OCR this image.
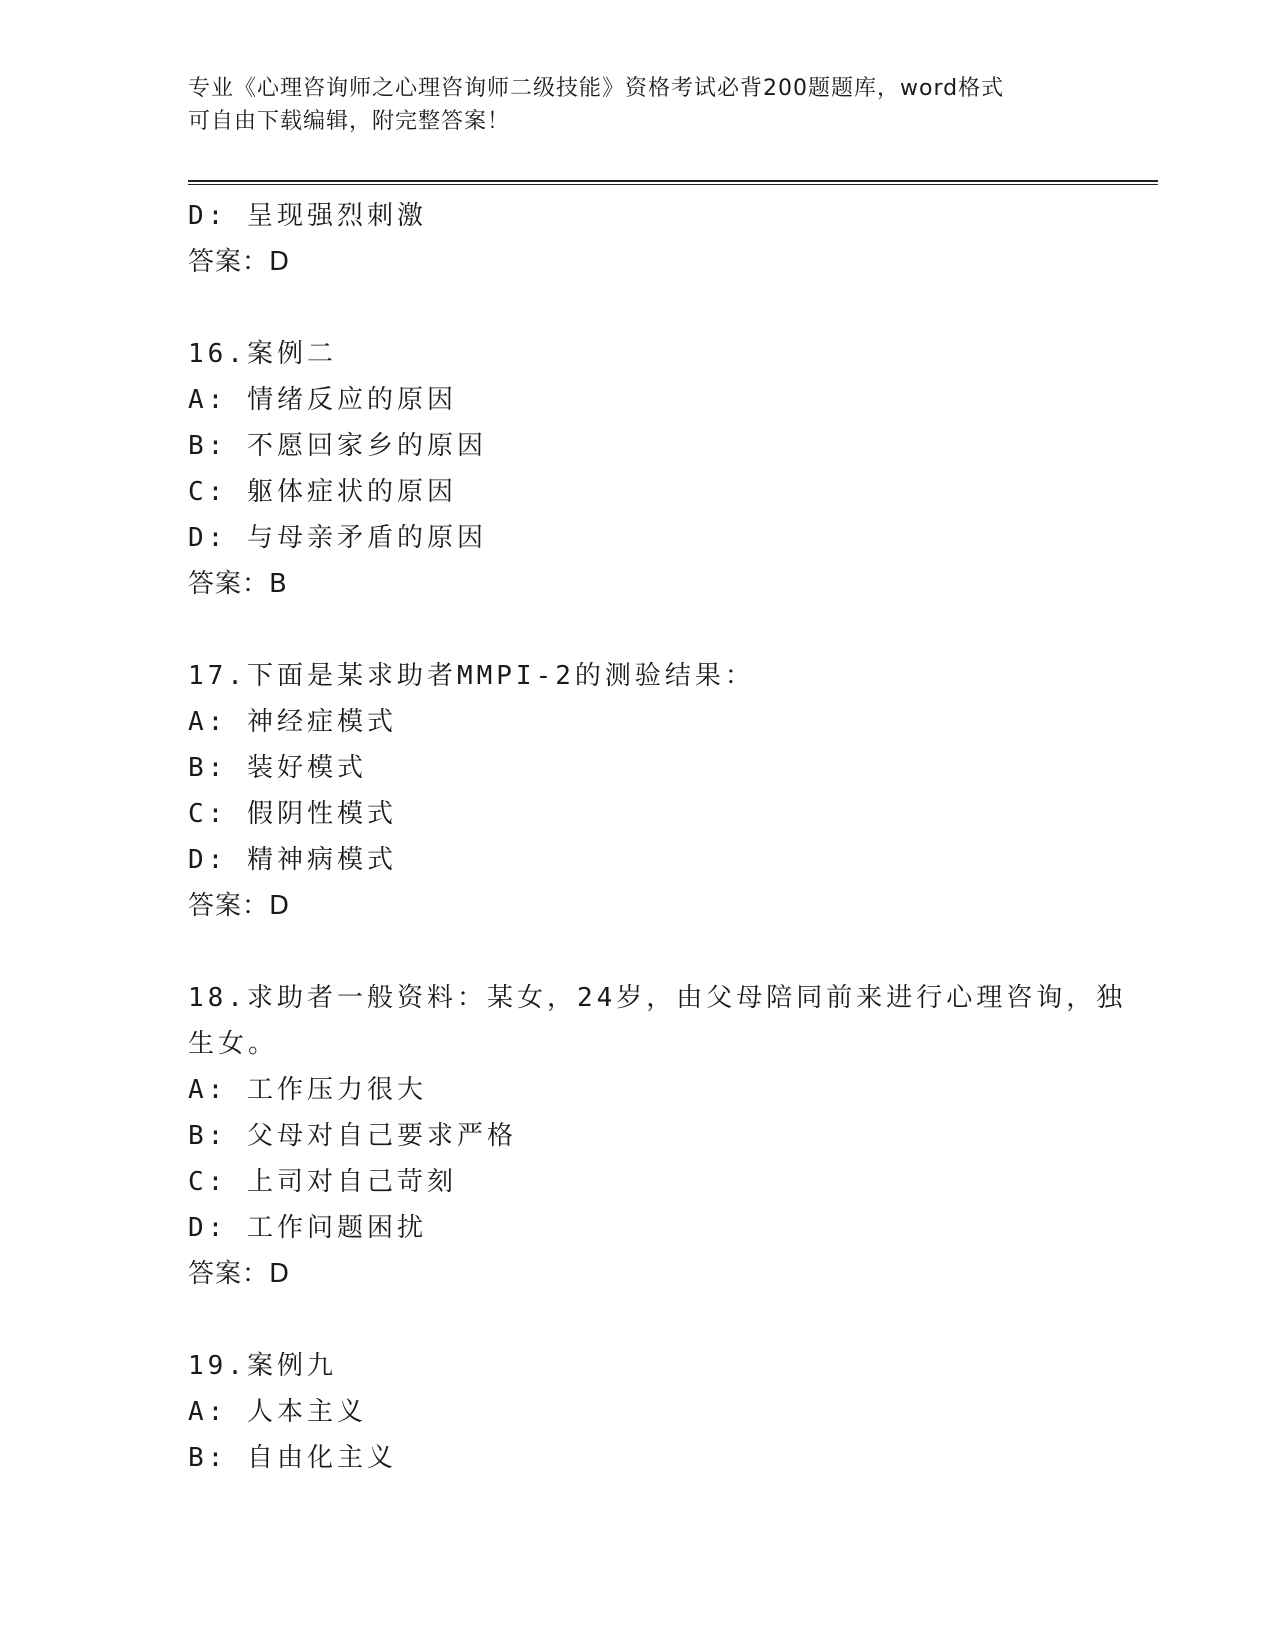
专业《心理咨询师之心理咨询师二级技能》资格考试必背200题题库，word格式
可自由下载编辑，附完整答案！
D: 呈现强烈刺激
答案：D
16.案例二
A: 情绪反应的原因
B: 不愿回家乡的原因
C: 躯体症状的原因
D: 与母亲矛盾的原因
答案：B
17.下面是某求助者MMPI-2的测验结果：
A: 神经症模式
B: 装好模式
C: 假阴性模式
D: 精神病模式
答案：D
18.求助者一般资料：某女，24岁，由父母陪同前来进行心理咨询，独
生女。
A: 工作压力很大
B: 父母对自己要求严格
C: 上司对自己苛刻
D: 工作问题困扰
答案：D
19.案例九
A: 人本主义
B: 自由化主义
